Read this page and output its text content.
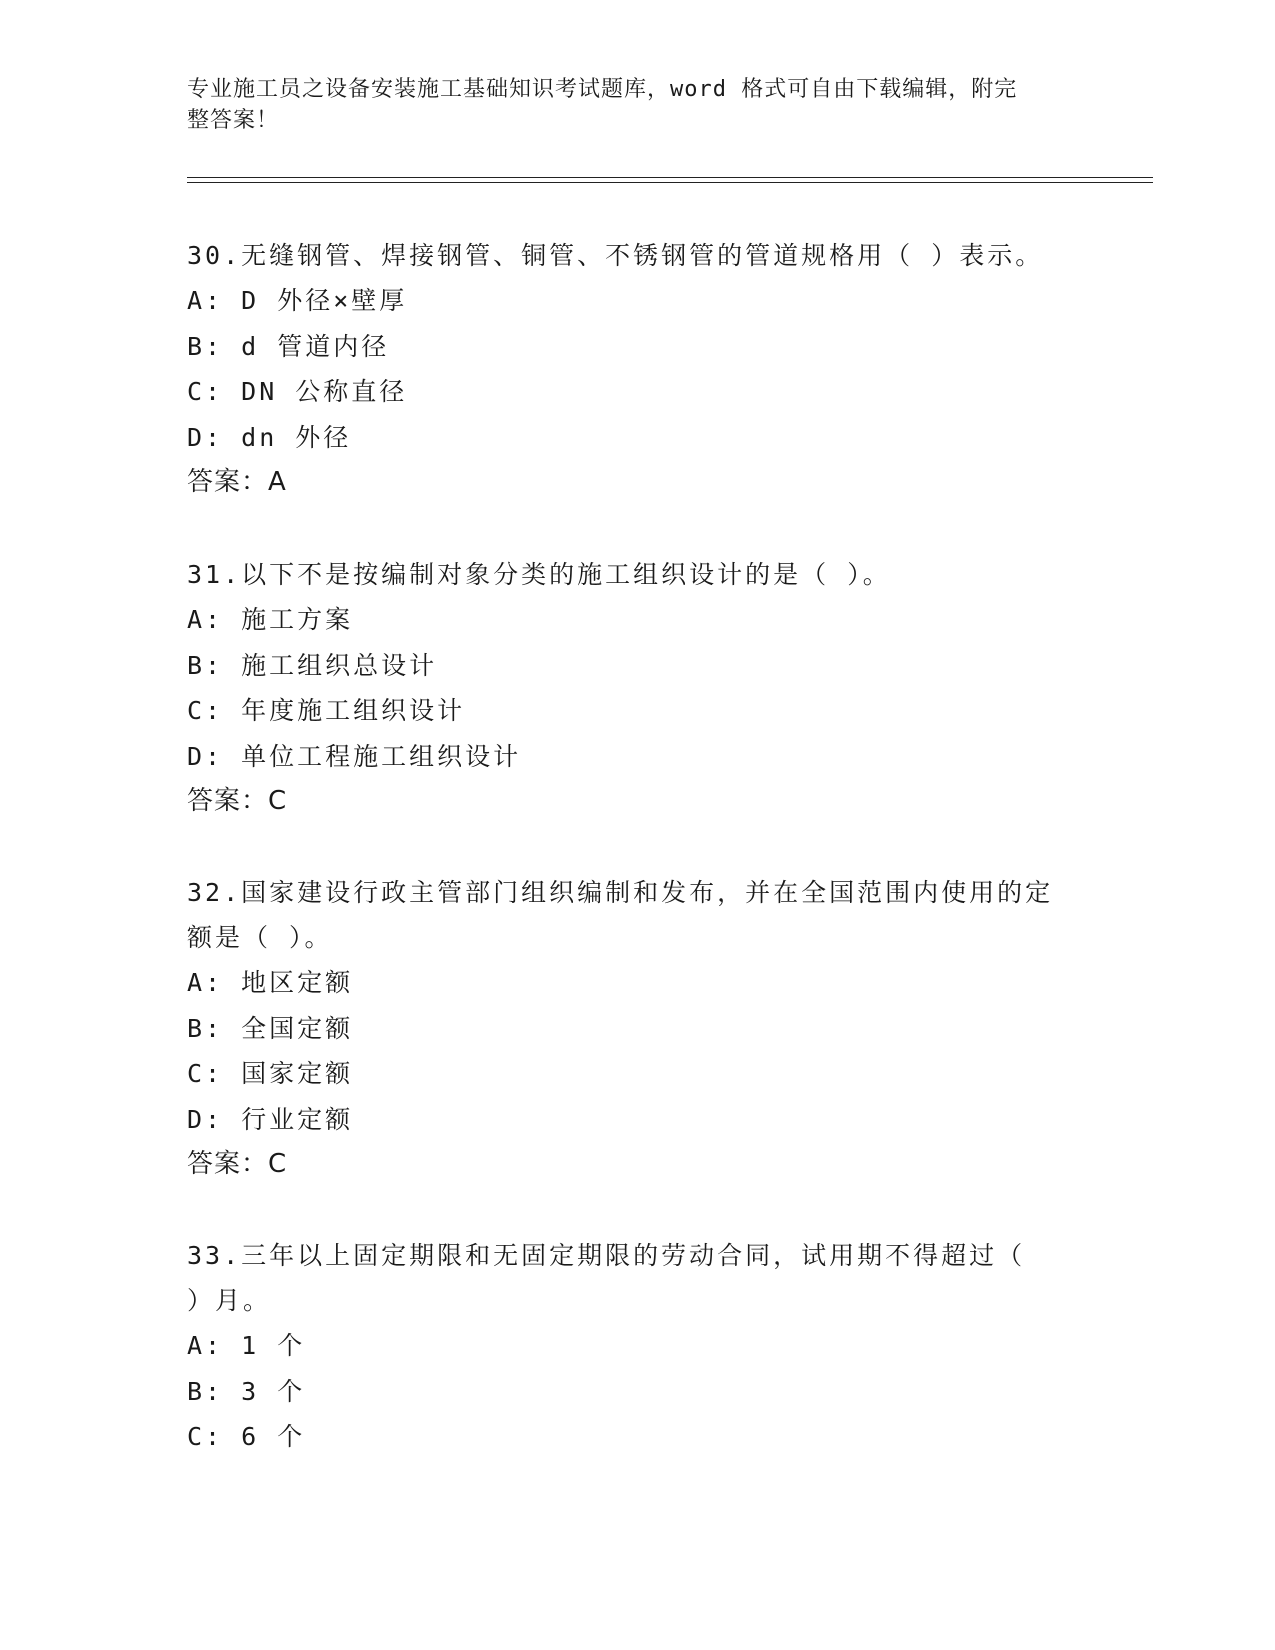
专业施工员之设备安装施工基础知识考试题库，word 格式可自由下载编辑，附完
整答案！

30.无缝钢管、焊接钢管、铜管、不锈钢管的管道规格用（ ）表示。

A: D 外径×壁厚

B: d 管道内径

C: DN 公称直径

D: dn 外径

答案：A

31.以下不是按编制对象分类的施工组织设计的是（ ）。

A: 施工方案

B: 施工组织总设计

C: 年度施工组织设计

D: 单位工程施工组织设计

答案：C

32.国家建设行政主管部门组织编制和发布，并在全国范围内使用的定

额是（ ）。

A: 地区定额

B: 全国定额

C: 国家定额

D: 行业定额

答案：C

33.三年以上固定期限和无固定期限的劳动合同，试用期不得超过（

）月。

A: 1 个

B: 3 个

C: 6 个
